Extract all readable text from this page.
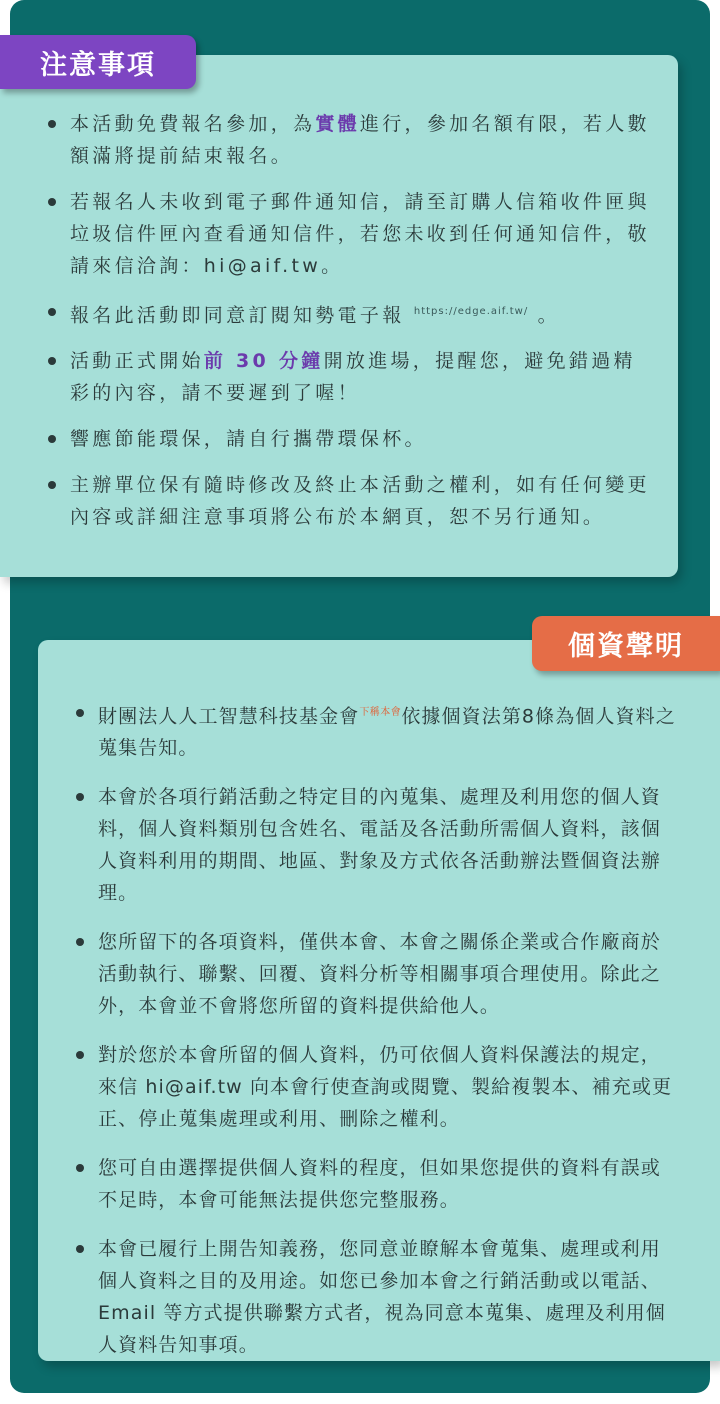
注意事項
本活動免費報名參加，為實體進行，參加名額有限，若人數額滿將提前結束報名。
若報名人未收到電子郵件通知信，請至訂購人信箱收件匣與垃圾信件匣內查看通知信件，若您未收到任何通知信件，敬請來信洽詢：hi@aif.tw。
報名此活動即同意訂閱知勢電子報 $^{https://edge.aif.tw/}$ 。
活動正式開始前 30 分鐘開放進場，提醒您，避免錯過精彩的內容，請不要遲到了喔！
響應節能環保，請自行攜帶環保杯。
主辦單位保有隨時修改及終止本活動之權利，如有任何變更內容或詳細注意事項將公布於本網頁，恕不另行通知。
個資聲明
財團法人人工智慧科技基金會$^{下稱本會}$依據個資法第8條為個人資料之蒐集告知。
本會於各項行銷活動之特定目的內蒐集、處理及利用您的個人資料，個人資料類別包含姓名、電話及各活動所需個人資料，該個人資料利用的期間、地區、對象及方式依各活動辦法暨個資法辦理。
您所留下的各項資料，僅供本會、本會之關係企業或合作廠商於活動執行、聯繫、回覆、資料分析等相關事項合理使用。除此之外，本會並不會將您所留的資料提供給他人。
對於您於本會所留的個人資料，仍可依個人資料保護法的規定，來信 hi@aif.tw 向本會行使查詢或閱覽、製給複製本、補充或更正、停止蒐集處理或利用、刪除之權利。
您可自由選擇提供個人資料的程度，但如果您提供的資料有誤或不足時，本會可能無法提供您完整服務。
本會已履行上開告知義務，您同意並瞭解本會蒐集、處理或利用個人資料之目的及用途。如您已參加本會之行銷活動或以電話、Email 等方式提供聯繫方式者，視為同意本蒐集、處理及利用個人資料告知事項。
